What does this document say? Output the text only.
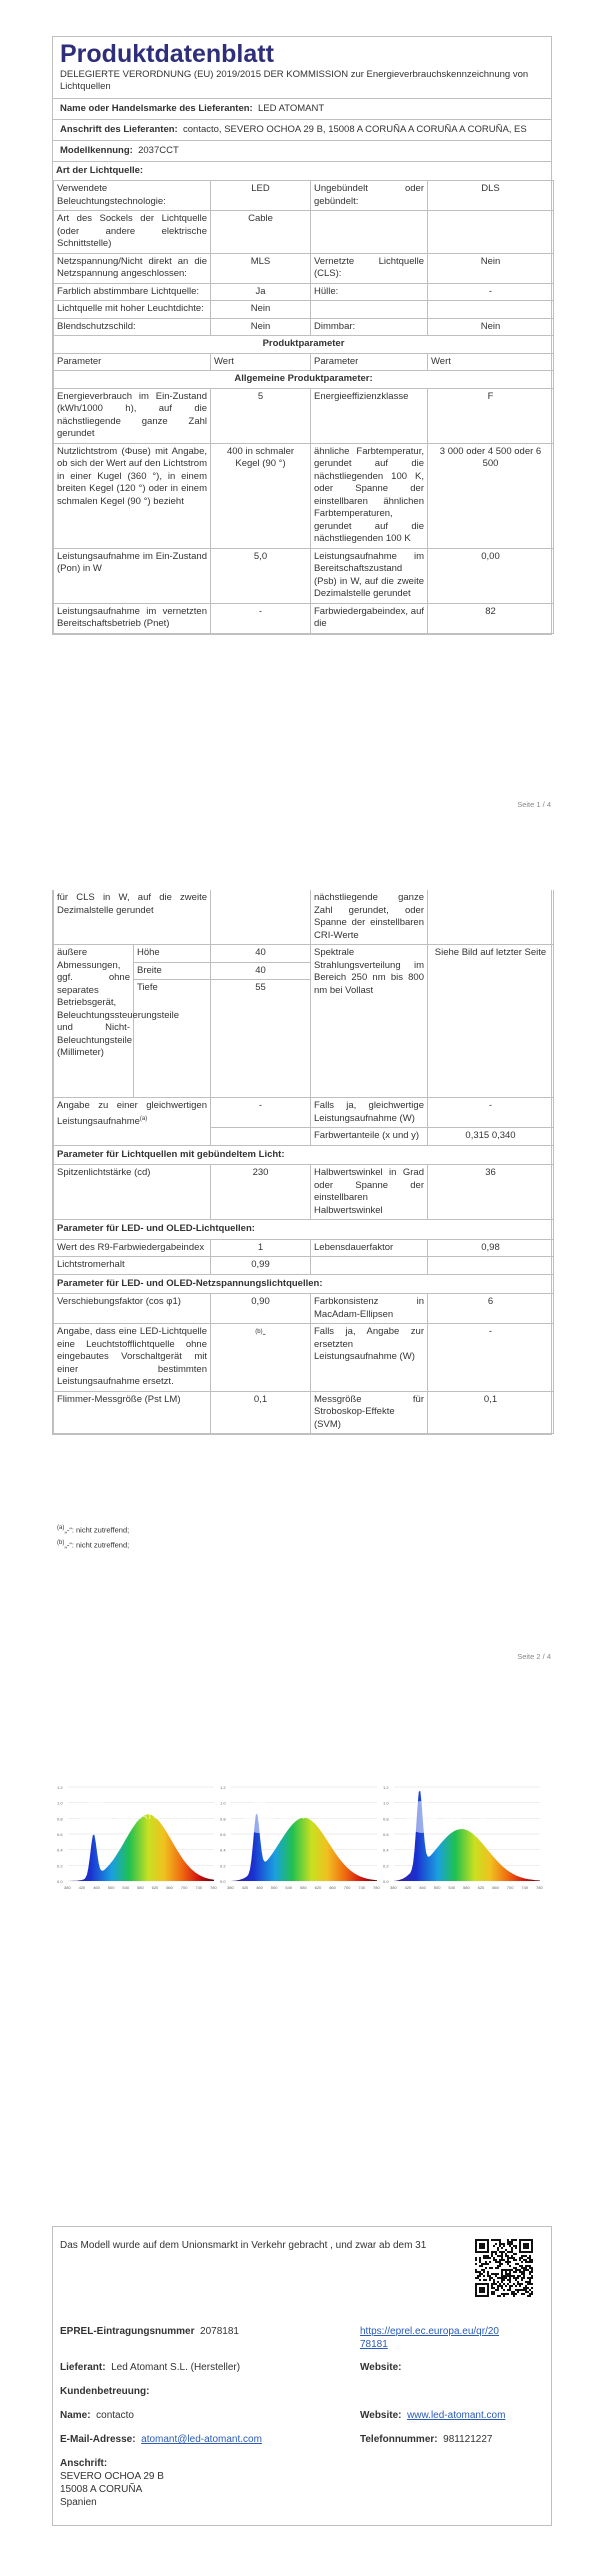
Produktdatenblatt
DELEGIERTE VERORDNUNG (EU) 2019/2015 DER KOMMISSION zur Energieverbrauchskennzeichnung von Lichtquellen
Name oder Handelsmarke des Lieferanten: LED ATOMANT
Anschrift des Lieferanten: contacto, SEVERO OCHOA 29 B, 15008 A CORUÑA A CORUÑA A CORUÑA, ES
Modellkennung: 2037CCT
Art der Lichtquelle:
Verwendete Beleuchtungstechnologie:	LED	Ungebündelt oder gebündelt:	DLS
Art des Sockels der Lichtquelle (oder andere elektrische Schnittstelle)	Cable		
Netzspannung/Nicht direkt an die Netzspannung angeschlossen:	MLS	Vernetzte Lichtquelle (CLS):	Nein
Farblich abstimmbare Lichtquelle:	Ja	Hülle:	-
Lichtquelle mit hoher Leuchtdichte:	Nein		
Blendschutzschild:	Nein	Dimmbar:	Nein
Produktparameter			
Parameter	Wert	Parameter	Wert
Allgemeine Produktparameter:			
Energieverbrauch im Ein-Zustand (kWh/1000 h), auf die nächstliegende ganze Zahl gerundet	5	Energieeffizienzklasse	F
Nutzlichtstrom (Φuse) mit Angabe, ob sich der Wert auf den Lichtstrom in einer Kugel (360 °), in einem breiten Kegel (120 °) oder in einem schmalen Kegel (90 °) bezieht	400 in schmaler Kegel (90 °)	ähnliche Farbtemperatur, gerundet auf die nächstliegenden 100 K, oder Spanne der einstellbaren ähnlichen Farbtemperaturen, gerundet auf die nächstliegenden 100 K	3 000 oder 4 500 oder 6 500
Leistungsaufnahme im Ein-Zustand (Pon) in W	5,0	Leistungsaufnahme im Bereitschaftszustand (Psb) in W, auf die zweite Dezimalstelle gerundet	0,00
Leistungsaufnahme im vernetzten Bereitschaftsbetrieb (Pnet)	-	Farbwiedergabeindex, auf die	82
Seite 1 / 4
für CLS in W, auf die zweite Dezimalstelle gerundet			nächstliegende ganze Zahl gerundet, oder Spanne der einstellbaren CRI-Werte	
äußere Abmessungen, ggf. ohne separates Betriebsgerät, Beleuchtungssteuerungsteile und Nicht-Beleuchtungsteile (Millimeter)	Höhe	40	Spektrale Strahlungsverteilung im Bereich 250 nm bis 800 nm bei Vollast	Siehe Bild auf letzter Seite
	Breite	40		
	Tiefe	55		
Angabe zu einer gleichwertigen Leistungsaufnahme$^{(a)}$		-	Falls ja, gleichwertige Leistungsaufnahme (W)	-
			Farbwertanteile (x und y)	0,315 0,340
Parameter für Lichtquellen mit gebündeltem Licht:				
Spitzenlichtstärke (cd)		230	Halbwertswinkel in Grad oder Spanne der einstellbaren Halbwertswinkel	36
Parameter für LED- und OLED-Lichtquellen:				
Wert des R9-Farbwiedergabeindex		1	Lebensdauerfaktor	0,98
Lichtstromerhalt		0,99		
Parameter für LED- und OLED-Netzspannungslichtquellen:				
Verschiebungsfaktor (cos φ1)		0,90	Farbkonsistenz in MacAdam-Ellipsen	6
Angabe, dass eine LED-Lichtquelle eine Leuchtstofflichtquelle ohne eingebautes Vorschaltgerät mit einer bestimmten Leistungsaufnahme ersetzt.		$^{(b)}$-	Falls ja, Angabe zur ersetzten Leistungsaufnahme (W)	-
Flimmer-Messgröße (Pst LM)		0,1	Messgröße für Stroboskop-Effekte (SVM)	0,1
$^{(a)}$„-“: nicht zutreffend;
$^{(b)}$„-“: nicht zutreffend;
Seite 2 / 4
1.2
1.0
0.8
0.6
0.4
0.2
0.0
380 420 460 500 540 580 620 660 700 740 780
LED ATOMANT
1.2
1.0
0.8
0.6
0.4
0.2
0.0
380 420 460 500 540 580 620 660 700 740 780
LED ATOMANT
1.2
1.0
0.8
0.6
0.4
0.2
0.0
380 420 460 500 540 580 620 660 700 740 780
LED ATOMANT
Das Modell wurde auf dem Unionsmarkt in Verkehr gebracht , und zwar ab dem 31
EPREL-Eintragungsnummer 2078181	https://eprel.ec.europa.eu/qr/2078181
Lieferant: Led Atomant S.L. (Hersteller)	Website:
Kundenbetreuung:
Name: contacto	Website: www.led-atomant.com
E-Mail-Adresse: atomant@led-atomant.com	Telefonnummer: 981121227
Anschrift:
SEVERO OCHOA 29 B
15008 A CORUÑA
Spanien
